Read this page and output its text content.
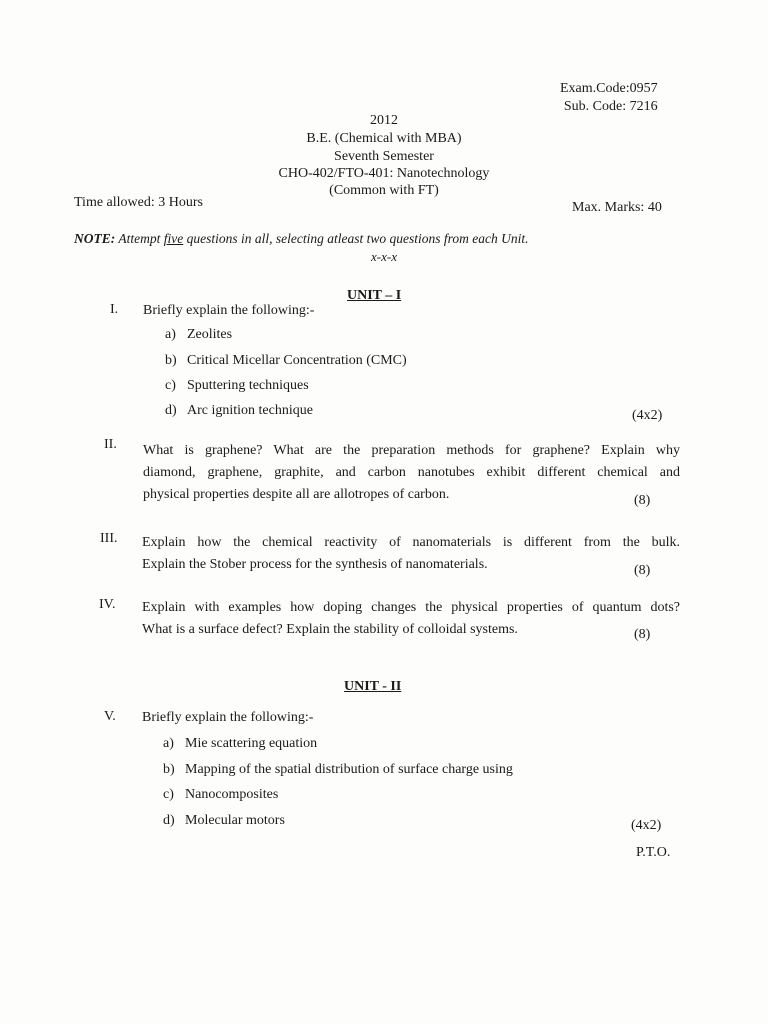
Exam.Code:0957
Sub. Code: 7216
2012
B.E. (Chemical with MBA)
Seventh Semester
CHO-402/FTO-401: Nanotechnology
(Common with FT)
Time allowed: 3 Hours	Max. Marks: 40
NOTE: Attempt five questions in all, selecting atleast two questions from each Unit.
x-x-x
UNIT – I
I. Briefly explain the following:-
a) Zeolites
b) Critical Micellar Concentration (CMC)
c) Sputtering techniques
d) Arc ignition technique	(4x2)
II. What is graphene? What are the preparation methods for graphene? Explain why
diamond, graphene, graphite, and carbon nanotubes exhibit different chemical and
physical properties despite all are allotropes of carbon.	(8)
III. Explain how the chemical reactivity of nanomaterials is different from the bulk.
Explain the Stober process for the synthesis of nanomaterials.	(8)
IV. Explain with examples how doping changes the physical properties of quantum dots?
What is a surface defect? Explain the stability of colloidal systems.	(8)
UNIT - II
V. Briefly explain the following:-
a) Mie scattering equation
b) Mapping of the spatial distribution of surface charge using
c) Nanocomposites
d) Molecular motors	(4x2)
P.T.O.
